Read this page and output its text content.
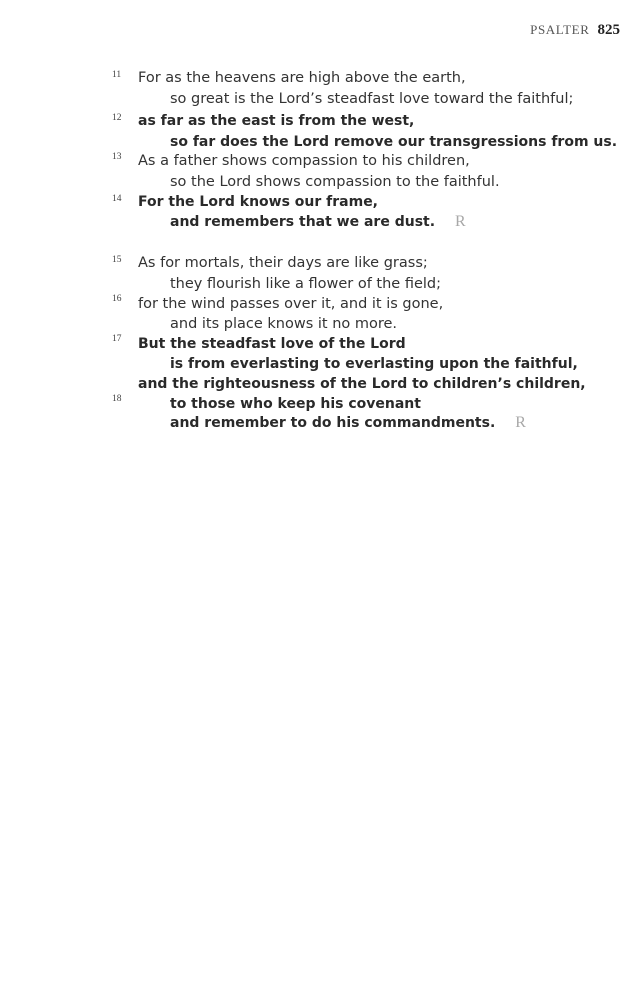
PSALTER 825
11 For as the heavens are high above the earth,
so great is the Lord’s steadfast love toward the faithful;
12 as far as the east is from the west,
so far does the Lord remove our transgressions from us.
13 As a father shows compassion to his children,
so the Lord shows compassion to the faithful.
14 For the Lord knows our frame,
and remembers that we are dust. R
15 As for mortals, their days are like grass;
they flourish like a flower of the field;
16 for the wind passes over it, and it is gone,
and its place knows it no more.
17 But the steadfast love of the Lord
is from everlasting to everlasting upon the faithful,
and the righteousness of the Lord to children’s children,
18	to those who keep his covenant
and remember to do his commandments. R
